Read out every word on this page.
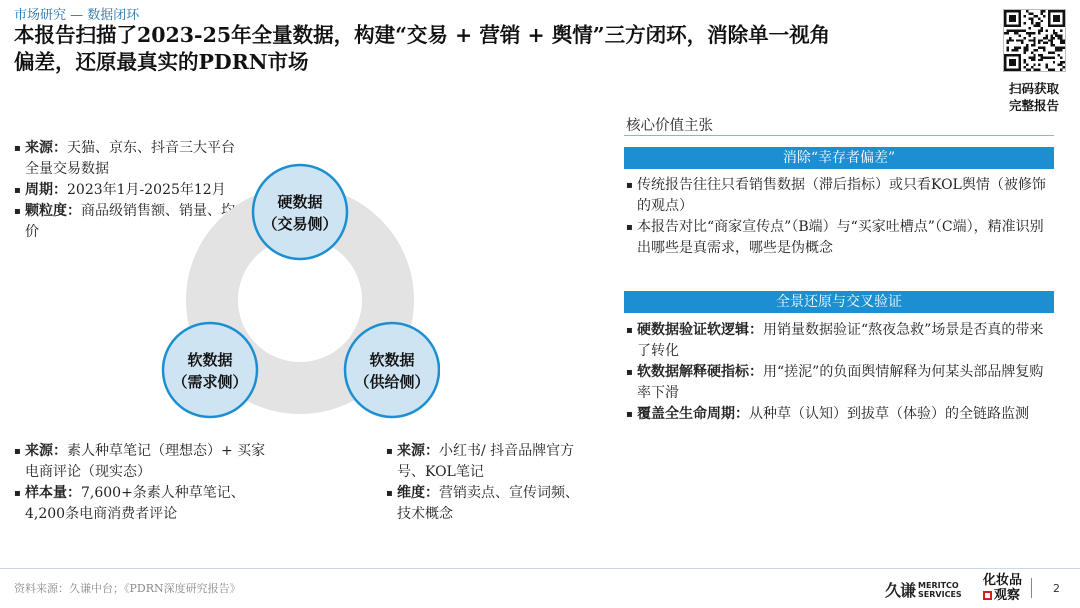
市场研究 — 数据闭环
本报告扫描了2023-25年全量数据，构建“交易 + 营销 + 舆情”三方闭环，消除单一视角
偏差，还原最真实的PDRN市场
扫码获取
完整报告
▪ 来源：天猫、京东、抖音三大平台全量交易数据
▪ 周期：2023年1月-2025年12月
▪ 颗粒度：商品级销售额、销量、均价
硬数据
（交易侧）
软数据
（需求侧）
软数据
（供给侧）
▪ 来源：素人种草笔记（理想态）+ 买家电商评论（现实态）
▪ 样本量：7,600+条素人种草笔记、4,200条电商消费者评论
▪ 来源：小红书/ 抖音品牌官方号、KOL笔记
▪ 维度：营销卖点、宣传词频、技术概念
核心价值主张
消除“幸存者偏差”
▪ 传统报告往往只看销售数据（滞后指标）或只看KOL舆情（被修饰的观点）
▪ 本报告对比“商家宣传点”（B端）与“买家吐槽点”（C端），精准识别出哪些是真需求，哪些是伪概念
全景还原与交叉验证
▪ 硬数据验证软逻辑：用销量数据验证“熬夜急救”场景是否真的带来了转化
▪ 软数据解释硬指标：用“搓泥”的负面舆情解释为何某头部品牌复购率下滑
▪ 覆盖全生命周期：从种草（认知）到拔草（体验）的全链路监测
资料来源：久谦中台；《PDRN深度研究报告》	久谦 MERITCO
SERVICES
化妆品
观察	2
